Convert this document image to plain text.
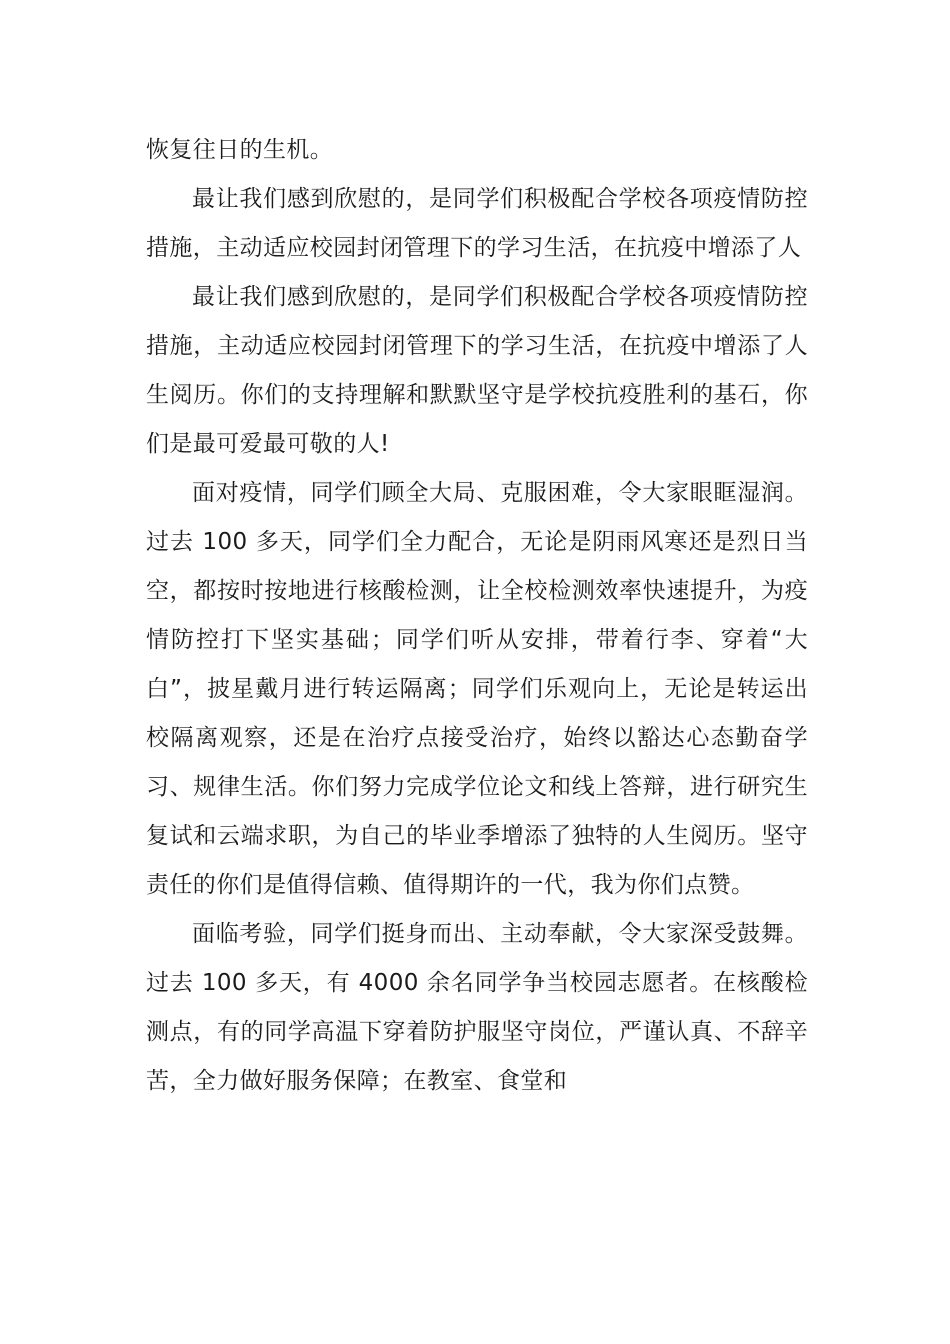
恢复往日的生机。

最让我们感到欣慰的，是同学们积极配合学校各项疫情防控措施，主动适应校园封闭管理下的学习生活，在抗疫中增添了人

最让我们感到欣慰的，是同学们积极配合学校各项疫情防控措施，主动适应校园封闭管理下的学习生活，在抗疫中增添了人生阅历。你们的支持理解和默默坚守是学校抗疫胜利的基石，你们是最可爱最可敬的人!

面对疫情，同学们顾全大局、克服困难，令大家眼眶湿润。过去 100 多天，同学们全力配合，无论是阴雨风寒还是烈日当空，都按时按地进行核酸检测，让全校检测效率快速提升，为疫情防控打下坚实基础；同学们听从安排，带着行李、穿着“大白”，披星戴月进行转运隔离；同学们乐观向上，无论是转运出校隔离观察，还是在治疗点接受治疗，始终以豁达心态勤奋学习、规律生活。你们努力完成学位论文和线上答辩，进行研究生复试和云端求职，为自己的毕业季增添了独特的人生阅历。坚守责任的你们是值得信赖、值得期许的一代，我为你们点赞。

面临考验，同学们挺身而出、主动奉献，令大家深受鼓舞。过去 100 多天，有 4000 余名同学争当校园志愿者。在核酸检测点，有的同学高温下穿着防护服坚守岗位，严谨认真、不辞辛苦，全力做好服务保障；在教室、食堂和
